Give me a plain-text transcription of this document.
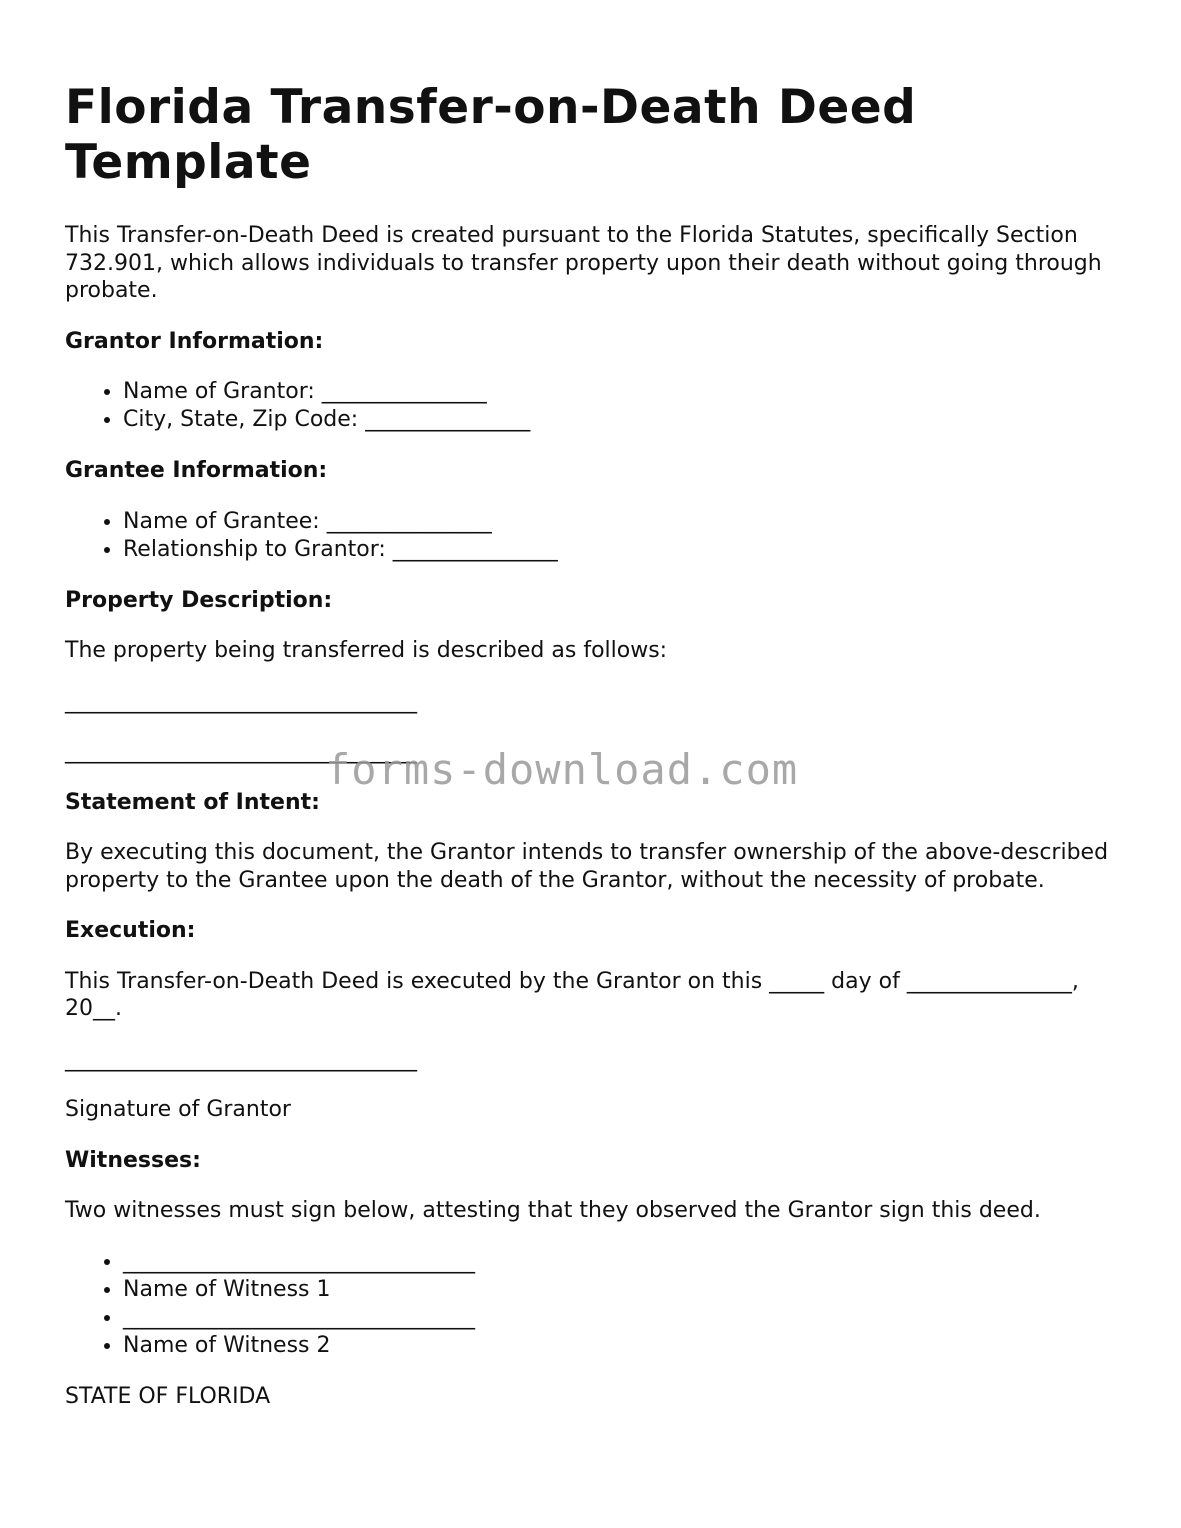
Florida Transfer-on-Death Deed Template

This Transfer-on-Death Deed is created pursuant to the Florida Statutes, specifically Section 732.901, which allows individuals to transfer property upon their death without going through probate.

Grantor Information:
• Name of Grantor: _______________
• City, State, Zip Code: _______________
Grantee Information:
• Name of Grantee: _______________
• Relationship to Grantor: _______________
Property Description:

The property being transferred is described as follows:

________________________________

________________________________

Statement of Intent:

By executing this document, the Grantor intends to transfer ownership of the above-described property to the Grantee upon the death of the Grantor, without the necessity of probate.

Execution:

This Transfer-on-Death Deed is executed by the Grantor on this _____ day of _______________, 20__.

________________________________

Signature of Grantor

Witnesses:

Two witnesses must sign below, attesting that they observed the Grantor sign this deed.

• ________________________________
• Name of Witness 1
• ________________________________
• Name of Witness 2

STATE OF FLORIDA

forms-download.com
